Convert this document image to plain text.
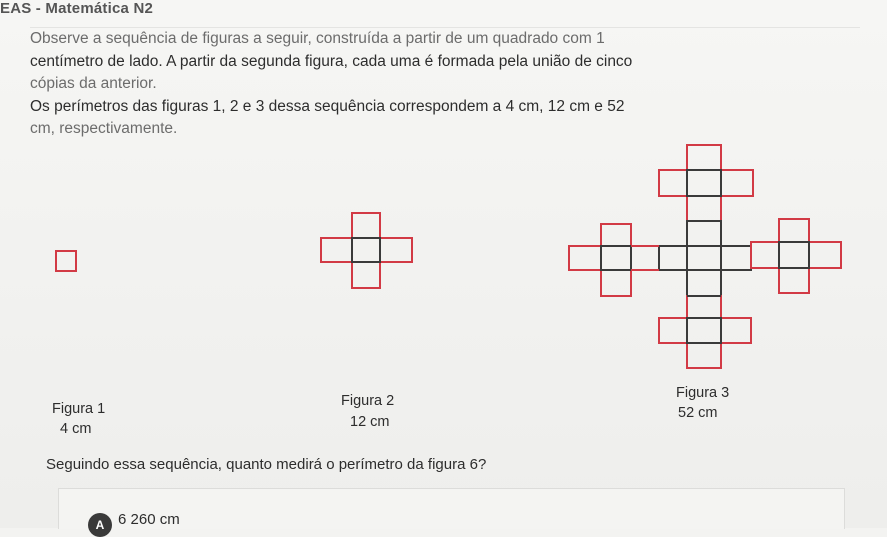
EAS - Matemática N2

Observe a sequência de figuras a seguir, construída a partir de um quadrado com 1

centímetro de lado. A partir da segunda figura, cada uma é formada pela união de cinco

cópias da anterior.

Os perímetros das figuras 1, 2 e 3 dessa sequência correspondem a 4 cm, 12 cm e 52

cm, respectivamente.

Figura 1
4 cm
Figura 2
12 cm
Figura 3
52 cm
Seguindo essa sequência, quanto medirá o perímetro da figura 6?
A 6 260 cm
